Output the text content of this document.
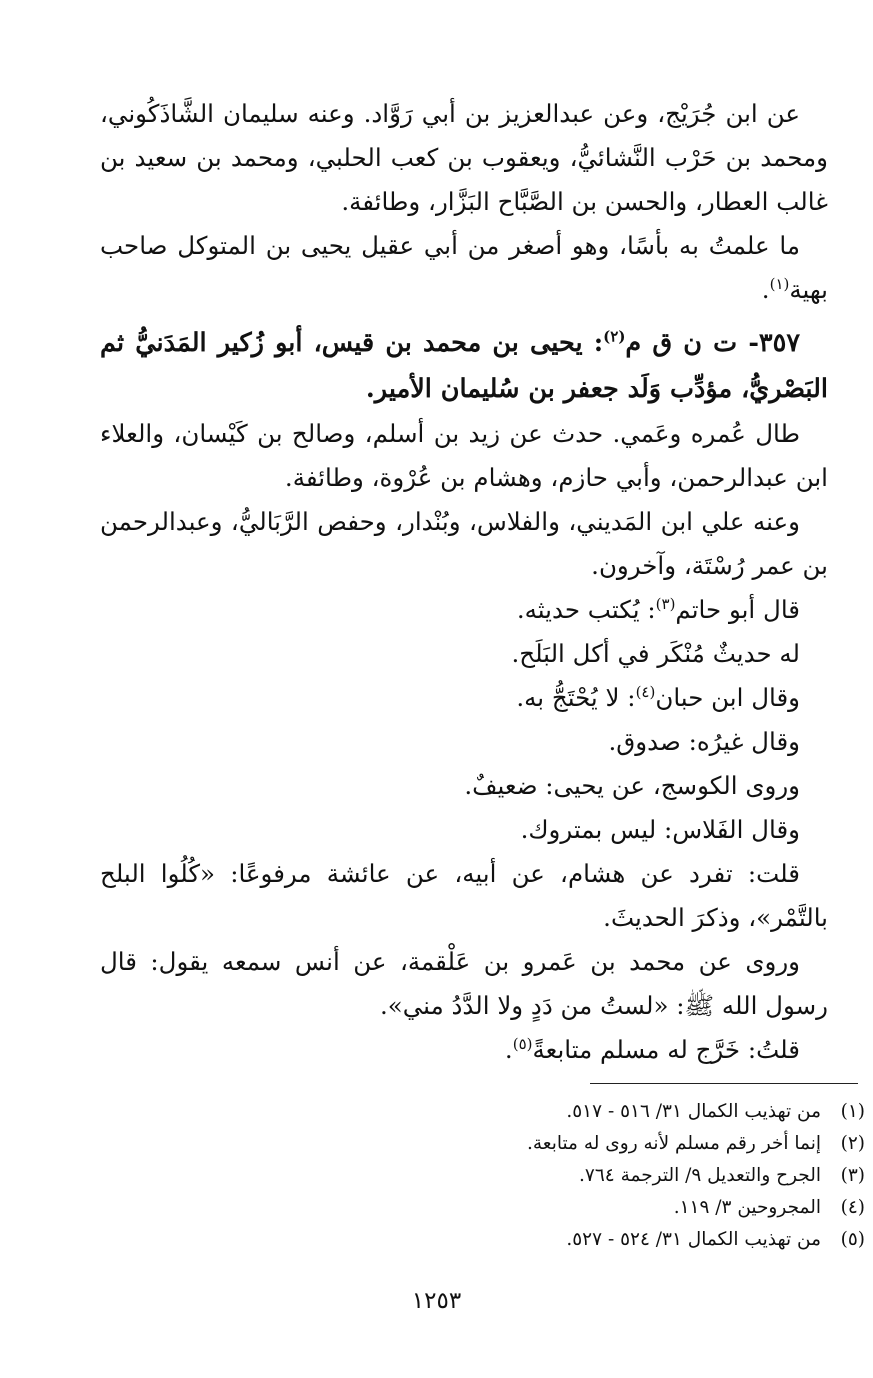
عن ابن جُرَيْج، وعن عبدالعزيز بن أبي رَوَّاد. وعنه سليمان الشَّاذَكُوني، ومحمد بن حَرْب النَّشائيُّ، ويعقوب بن كعب الحلبي، ومحمد بن سعيد بن غالب العطار، والحسن بن الصَّبَّاح البَزَّار، وطائفة.

ما علمتُ به بأسًا، وهو أصغر من أبي عقيل يحيى بن المتوكل صاحب بهية$^{(١)}$.

٣٥٧- ت ن ق م$^{(٢)}$: يحيى بن محمد بن قيس، أبو زُكير المَدَنيُّ ثم البَصْريُّ، مؤدِّب وَلَد جعفر بن سُليمان الأمير.

طال عُمره وعَمي. حدث عن زيد بن أسلم، وصالح بن كَيْسان، والعلاء ابن عبدالرحمن، وأبي حازم، وهشام بن عُرْوة، وطائفة.

وعنه علي ابن المَديني، والفلاس، وبُنْدار، وحفص الرَّبَاليُّ، وعبدالرحمن بن عمر رُسْتَة، وآخرون.

قال أبو حاتم$^{(٣)}$: يُكتب حديثه.

له حديثٌ مُنْكَر في أكل البَلَح.

وقال ابن حبان$^{(٤)}$: لا يُحْتَجُّ به.

وقال غيرُه: صدوق.

وروى الكوسج، عن يحيى: ضعيفٌ.

وقال الفَلاس: ليس بمتروك.

قلت: تفرد عن هشام، عن أبيه، عن عائشة مرفوعًا: «كُلُوا البلح بالتَّمْر»، وذكرَ الحديثَ.

وروى عن محمد بن عَمرو بن عَلْقمة، عن أنس سمعه يقول: قال رسول الله ﷺ: «لستُ من دَدٍ ولا الدَّدُ مني».

قلتُ: خَرَّج له مسلم متابعةً$^{(٥)}$.

(١)
من تهذيب الكمال ٣١/ ٥١٦ - ٥١٧.
(٢)
إنما أخر رقم مسلم لأنه روى له متابعة.
(٣)
الجرح والتعديل ٩/ الترجمة ٧٦٤.
(٤)
المجروحين ٣/ ١١٩.
(٥)
من تهذيب الكمال ٣١/ ٥٢٤ - ٥٢٧.
١٢٥٣
